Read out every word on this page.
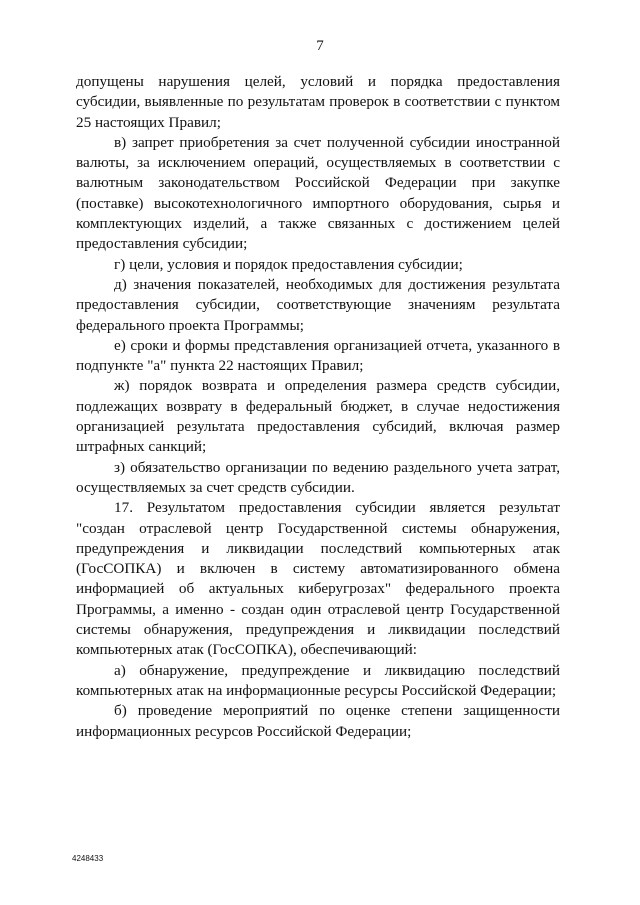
7

допущены нарушения целей, условий и порядка предоставления субсидии, выявленные по результатам проверок в соответствии с пунктом 25 настоящих Правил;

в) запрет приобретения за счет полученной субсидии иностранной валюты, за исключением операций, осуществляемых в соответствии с валютным законодательством Российской Федерации при закупке (поставке) высокотехнологичного импортного оборудования, сырья и комплектующих изделий, а также связанных с достижением целей предоставления субсидии;

г) цели, условия и порядок предоставления субсидии;

д) значения показателей, необходимых для достижения результата предоставления субсидии, соответствующие значениям результата федерального проекта Программы;

е) сроки и формы представления организацией отчета, указанного в подпункте "а" пункта 22 настоящих Правил;

ж) порядок возврата и определения размера средств субсидии, подлежащих возврату в федеральный бюджет, в случае недостижения организацией результата предоставления субсидий, включая размер штрафных санкций;

з) обязательство организации по ведению раздельного учета затрат, осуществляемых за счет средств субсидии.

17. Результатом предоставления субсидии является результат "создан отраслевой центр Государственной системы обнаружения, предупреждения и ликвидации последствий компьютерных атак (ГосСОПКА) и включен в систему автоматизированного обмена информацией об актуальных киберугрозах" федерального проекта Программы, а именно - создан один отраслевой центр Государственной системы обнаружения, предупреждения и ликвидации последствий компьютерных атак (ГосСОПКА), обеспечивающий:

а) обнаружение, предупреждение и ликвидацию последствий компьютерных атак на информационные ресурсы Российской Федерации;

б) проведение мероприятий по оценке степени защищенности информационных ресурсов Российской Федерации;

4248433
